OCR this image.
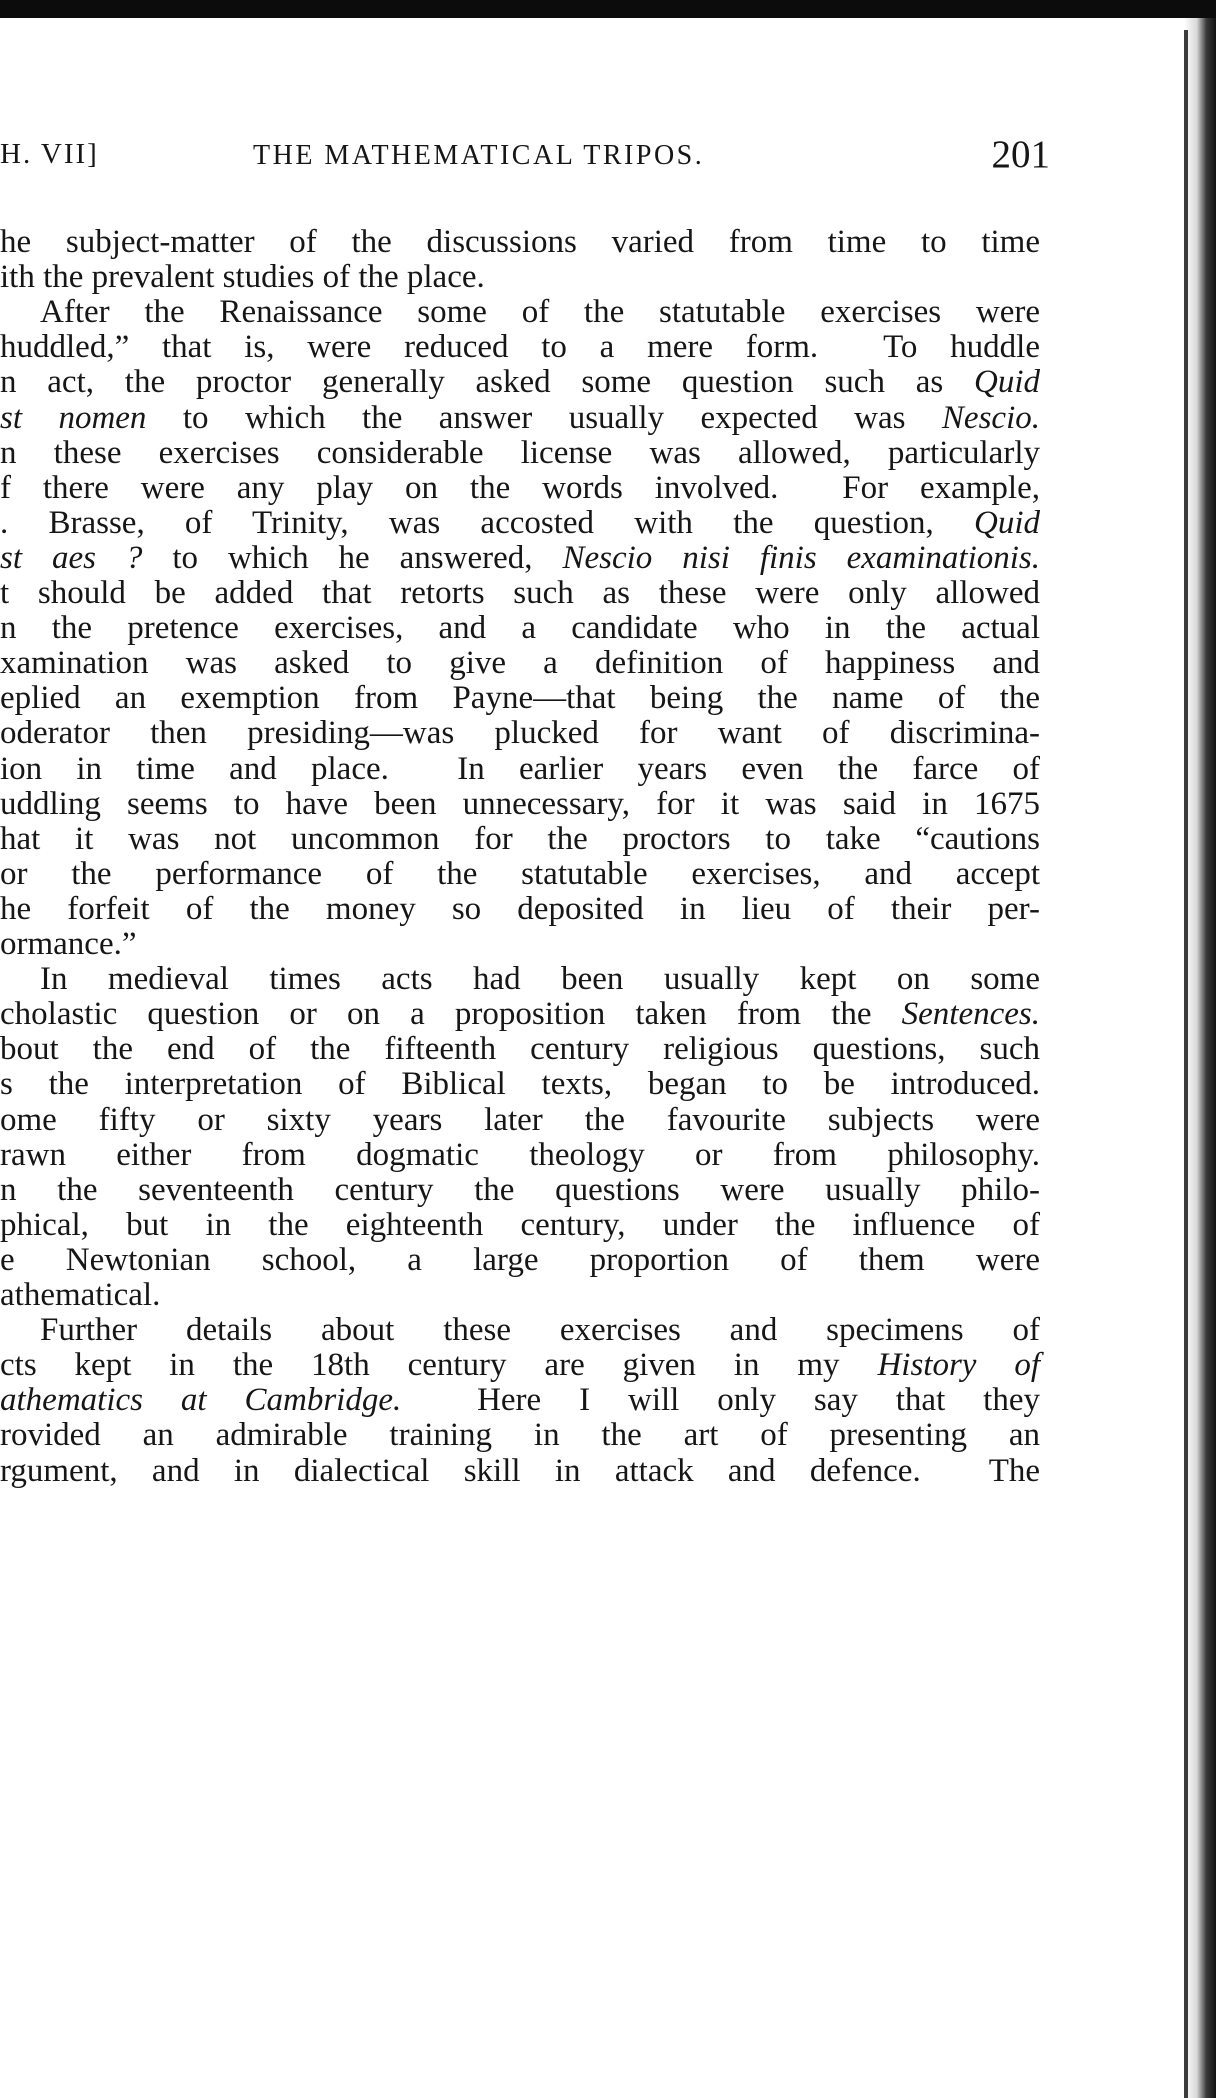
H. VII]	THE MATHEMATICAL TRIPOS.	201
he subject-matter of the discussions varied from time to time
ith the prevalent studies of the place.
After the Renaissance some of the statutable exercises were
huddled,” that is, were reduced to a mere form.  To huddle
n act, the proctor generally asked some question such as Quid
st nomen to which the answer usually expected was Nescio.
n these exercises considerable license was allowed, particularly
f there were any play on the words involved.  For example,
. Brasse, of Trinity, was accosted with the question, Quid
st aes ? to which he answered, Nescio nisi finis examinationis.
t should be added that retorts such as these were only allowed
n the pretence exercises, and a candidate who in the actual
xamination was asked to give a definition of happiness and
eplied an exemption from Payne—that being the name of the
oderator then presiding—was plucked for want of discrimina-
ion in time and place.  In earlier years even the farce of
uddling seems to have been unnecessary, for it was said in 1675
hat it was not uncommon for the proctors to take “cautions
or the performance of the statutable exercises, and accept
he forfeit of the money so deposited in lieu of their per-
ormance.”
In medieval times acts had been usually kept on some
cholastic question or on a proposition taken from the Sentences.
bout the end of the fifteenth century religious questions, such
s the interpretation of Biblical texts, began to be introduced.
ome fifty or sixty years later the favourite subjects were
rawn either from dogmatic theology or from philosophy.
n the seventeenth century the questions were usually philo-
phical, but in the eighteenth century, under the influence of
e Newtonian school, a large proportion of them were
athematical.
Further details about these exercises and specimens of
cts kept in the 18th century are given in my History of
athematics at Cambridge.  Here I will only say that they
rovided an admirable training in the art of presenting an
rgument, and in dialectical skill in attack and defence.  The
